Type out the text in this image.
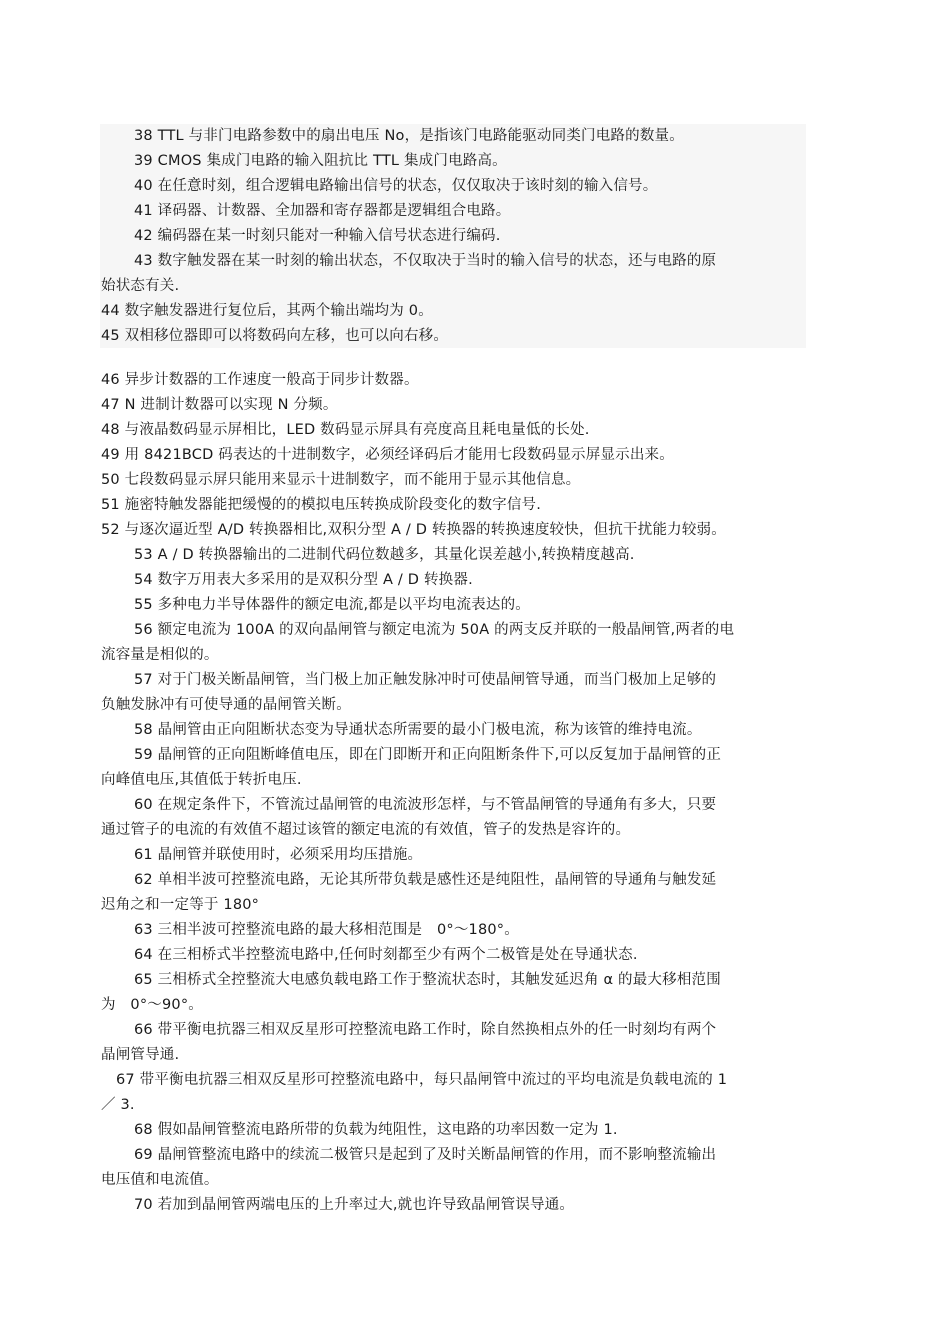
38 TTL 与非门电路参数中的扇出电压 No，是指该门电路能驱动同类门电路的数量。
39 CMOS 集成门电路的输入阻抗比 TTL 集成门电路高。
40 在任意时刻，组合逻辑电路输出信号的状态，仅仅取决于该时刻的输入信号。
41 译码器、计数器、全加器和寄存器都是逻辑组合电路。
42 编码器在某一时刻只能对一种输入信号状态进行编码.
43 数字触发器在某一时刻的输出状态，不仅取决于当时的输入信号的状态，还与电路的原
始状态有关.
44 数字触发器进行复位后，其两个输出端均为 0。
45 双相移位器即可以将数码向左移，也可以向右移。
46 异步计数器的工作速度一般高于同步计数器。
47 N 进制计数器可以实现 N 分频。
48 与液晶数码显示屏相比，LED 数码显示屏具有亮度高且耗电量低的长处.
49 用 8421BCD 码表达的十进制数字，必须经译码后才能用七段数码显示屏显示出来。
50 七段数码显示屏只能用来显示十进制数字，而不能用于显示其他信息。
51 施密特触发器能把缓慢的的模拟电压转换成阶段变化的数字信号.
52 与逐次逼近型 A/D 转换器相比,双积分型 A / D 转换器的转换速度较快，但抗干扰能力较弱。
53 A / D 转换器输出的二进制代码位数越多，其量化误差越小,转换精度越高.
54 数字万用表大多采用的是双积分型 A / D 转换器.
55 多种电力半导体器件的额定电流,都是以平均电流表达的。
56 额定电流为 100A 的双向晶闸管与额定电流为 50A 的两支反并联的一般晶闸管,两者的电
流容量是相似的。
57 对于门极关断晶闸管，当门极上加正触发脉冲时可使晶闸管导通，而当门极加上足够的
负触发脉冲有可使导通的晶闸管关断。
58 晶闸管由正向阻断状态变为导通状态所需要的最小门极电流，称为该管的维持电流。
59 晶闸管的正向阻断峰值电压，即在门即断开和正向阻断条件下,可以反复加于晶闸管的正
向峰值电压,其值低于转折电压.
60 在规定条件下，不管流过晶闸管的电流波形怎样，与不管晶闸管的导通角有多大，只要
通过管子的电流的有效值不超过该管的额定电流的有效值，管子的发热是容许的。
61 晶闸管并联使用时，必须采用均压措施。
62 单相半波可控整流电路，无论其所带负载是感性还是纯阻性，晶闸管的导通角与触发延
迟角之和一定等于 180°
63 三相半波可控整流电路的最大移相范围是　0°～180°。
64 在三相桥式半控整流电路中,任何时刻都至少有两个二极管是处在导通状态.
65 三相桥式全控整流大电感负载电路工作于整流状态时，其触发延迟角 α 的最大移相范围
为　0°～90°。
66 带平衡电抗器三相双反星形可控整流电路工作时，除自然换相点外的任一时刻均有两个
晶闸管导通.
67 带平衡电抗器三相双反星形可控整流电路中，每只晶闸管中流过的平均电流是负载电流的 1
／ 3.
68 假如晶闸管整流电路所带的负载为纯阻性，这电路的功率因数一定为 1.
69 晶闸管整流电路中的续流二极管只是起到了及时关断晶闸管的作用，而不影响整流输出
电压值和电流值。
70 若加到晶闸管两端电压的上升率过大,就也许导致晶闸管误导通。
